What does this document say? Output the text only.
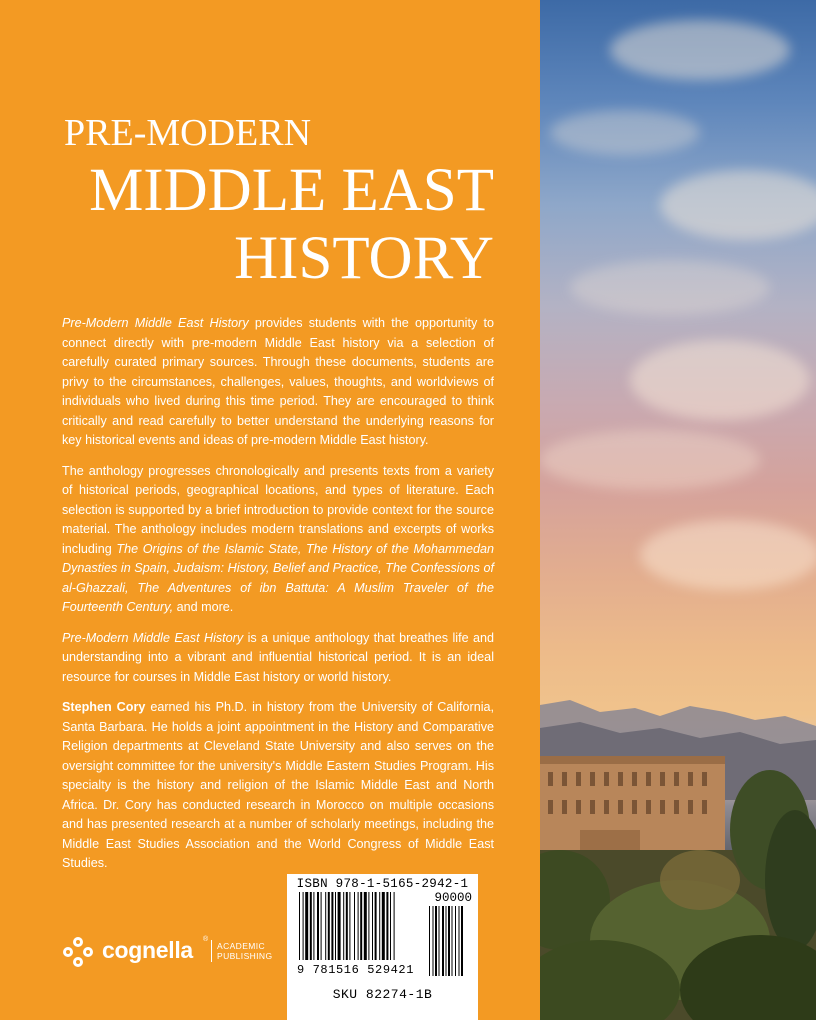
PRE-MODERN
MIDDLE EAST
HISTORY

Pre-Modern Middle East History provides students with the opportunity to connect directly with pre-modern Middle East history via a selection of carefully curated primary sources. Through these documents, students are privy to the circumstances, challenges, values, thoughts, and worldviews of individuals who lived during this time period. They are encouraged to think critically and read carefully to better understand the underlying reasons for key historical events and ideas of pre-modern Middle East history.

The anthology progresses chronologically and presents texts from a variety of historical periods, geographical locations, and types of literature. Each selection is supported by a brief introduction to provide context for the source material. The anthology includes modern translations and excerpts of works including The Origins of the Islamic State, The History of the Mohammedan Dynasties in Spain, Judaism: History, Belief and Practice, The Confessions of al-Ghazzali, The Adventures of ibn Battuta: A Muslim Traveler of the Fourteenth Century, and more.

Pre-Modern Middle East History is a unique anthology that breathes life and understanding into a vibrant and influential historical period. It is an ideal resource for courses in Middle East history or world history.

Stephen Cory earned his Ph.D. in history from the University of California, Santa Barbara. He holds a joint appointment in the History and Comparative Religion departments at Cleveland State University and also serves on the oversight committee for the university's Middle Eastern Studies Program. His specialty is the history and religion of the Islamic Middle East and North Africa. Dr. Cory has conducted research in Morocco on multiple occasions and has presented research at a number of scholarly meetings, including the Middle East Studies Association and the World Congress of Middle East Studies.

cognella ®
ACADEMIC
PUBLISHING
ISBN 978-1-5165-2942-1
90000
9 781516 529421
SKU 82274-1B
